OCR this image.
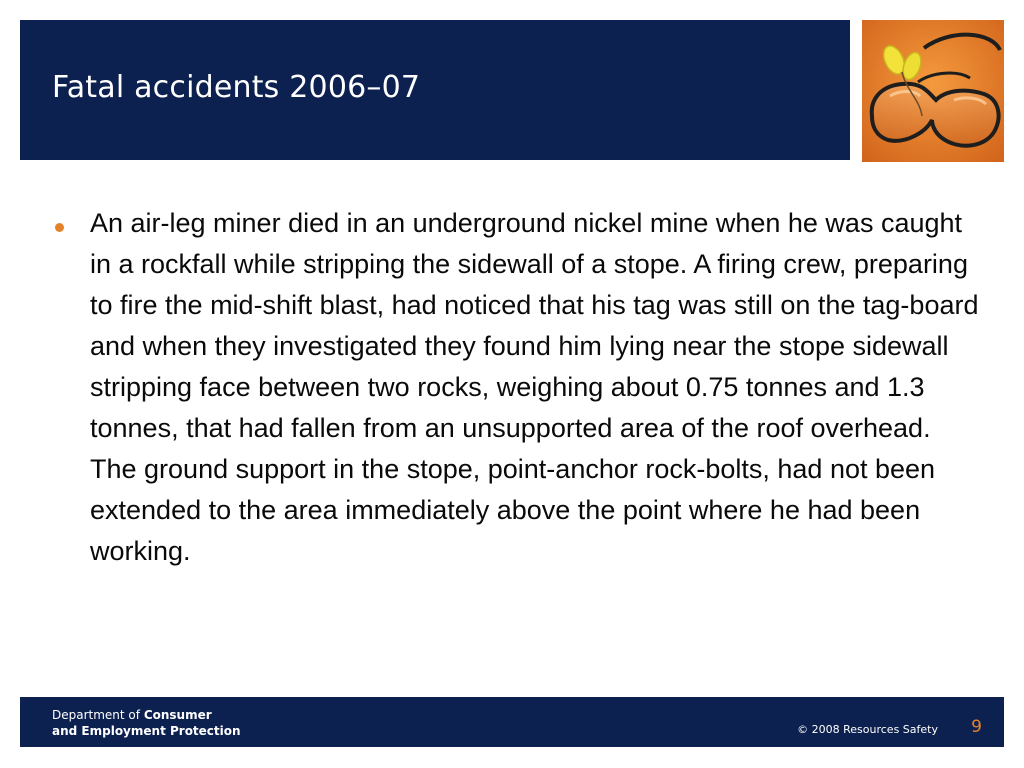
Fatal accidents 2006–07
An air-leg miner died in an underground nickel mine when he was caught in a rockfall while stripping the sidewall of a stope. A firing crew, preparing to fire the mid-shift blast, had noticed that his tag was still on the tag-board and when they investigated they found him lying near the stope sidewall stripping face between two rocks, weighing about 0.75 tonnes and 1.3 tonnes, that had fallen from an unsupported area of the roof overhead. The ground support in the stope, point-anchor rock-bolts, had not been extended to the area immediately above the point where he had been working.
Department of Consumer
and Employment Protection	© 2008 Resources Safety 9
